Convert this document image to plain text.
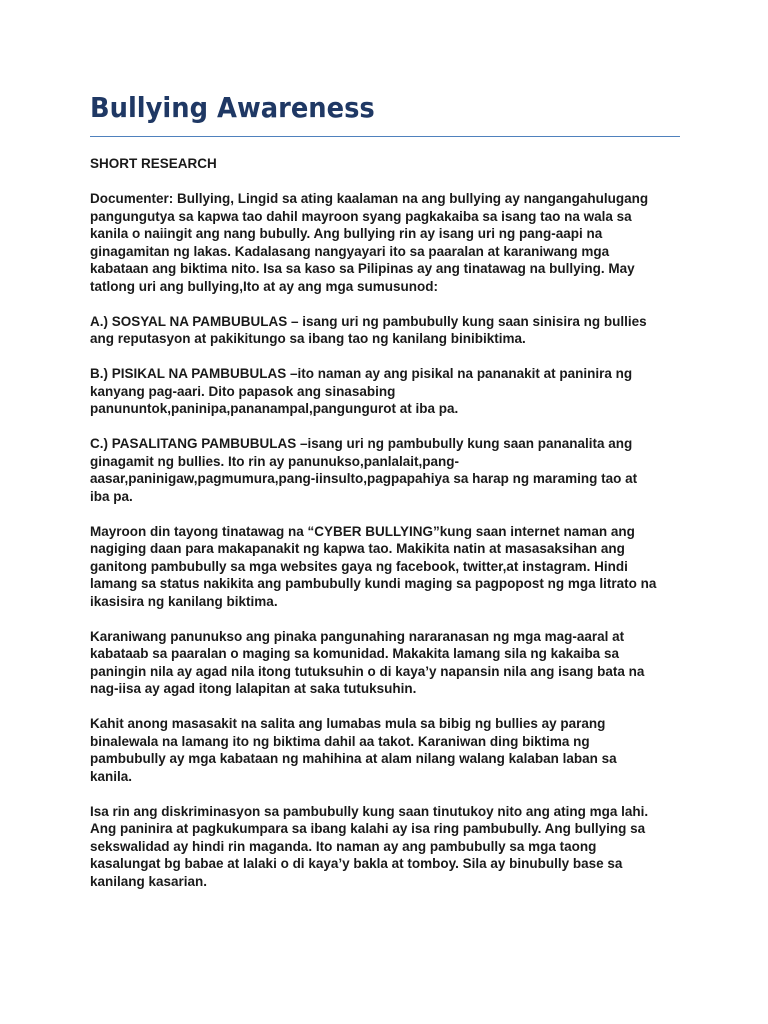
Bullying Awareness
SHORT RESEARCH
Documenter: Bullying, Lingid sa ating kaalaman na ang bullying ay nangangahulugang
pangungutya sa kapwa tao dahil mayroon syang pagkakaiba sa isang tao na wala sa
kanila o naiingit ang nang bubully. Ang bullying rin ay isang uri ng pang-aapi na
ginagamitan ng lakas. Kadalasang nangyayari ito sa paaralan at karaniwang mga
kabataan ang biktima nito. Isa sa kaso sa Pilipinas ay ang tinatawag na bullying. May
tatlong uri ang bullying,Ito at ay ang mga sumusunod:
A.) SOSYAL NA PAMBUBULAS – isang uri ng pambubully kung saan sinisira ng bullies
ang reputasyon at pakikitungo sa ibang tao ng kanilang binibiktima.
B.) PISIKAL NA PAMBUBULAS –ito naman ay ang pisikal na pananakit at paninira ng
kanyang pag-aari. Dito papasok ang sinasabing
panununtok,paninipa,pananampal,pangungurot at iba pa.
C.) PASALITANG PAMBUBULAS –isang uri ng pambubully kung saan pananalita ang
ginagamit ng bullies. Ito rin ay panunukso,panlalait,pang-
aasar,paninigaw,pagmumura,pang-iinsulto,pagpapahiya sa harap ng maraming tao at
iba pa.
Mayroon din tayong tinatawag na “CYBER BULLYING”kung saan internet naman ang
nagiging daan para makapanakit ng kapwa tao. Makikita natin at masasaksihan ang
ganitong pambubully sa mga websites gaya ng facebook, twitter,at instagram. Hindi
lamang sa status nakikita ang pambubully kundi maging sa pagpopost ng mga litrato na
ikasisira ng kanilang biktima.
Karaniwang panunukso ang pinaka pangunahing nararanasan ng mga mag-aaral at
kabataab sa paaralan o maging sa komunidad. Makakita lamang sila ng kakaiba sa
paningin nila ay agad nila itong tutuksuhin o di kaya’y napansin nila ang isang bata na
nag-iisa ay agad itong lalapitan at saka tutuksuhin.
Kahit anong masasakit na salita ang lumabas mula sa bibig ng bullies ay parang
binalewala na lamang ito ng biktima dahil aa takot. Karaniwan ding biktima ng
pambubully ay mga kabataan ng mahihina at alam nilang walang kalaban laban sa
kanila.
Isa rin ang diskriminasyon sa pambubully kung saan tinutukoy nito ang ating mga lahi.
Ang paninira at pagkukumpara sa ibang kalahi ay isa ring pambubully. Ang bullying sa
sekswalidad ay hindi rin maganda. Ito naman ay ang pambubully sa mga taong
kasalungat bg babae at lalaki o di kaya’y bakla at tomboy. Sila ay binubully base sa
kanilang kasarian.
